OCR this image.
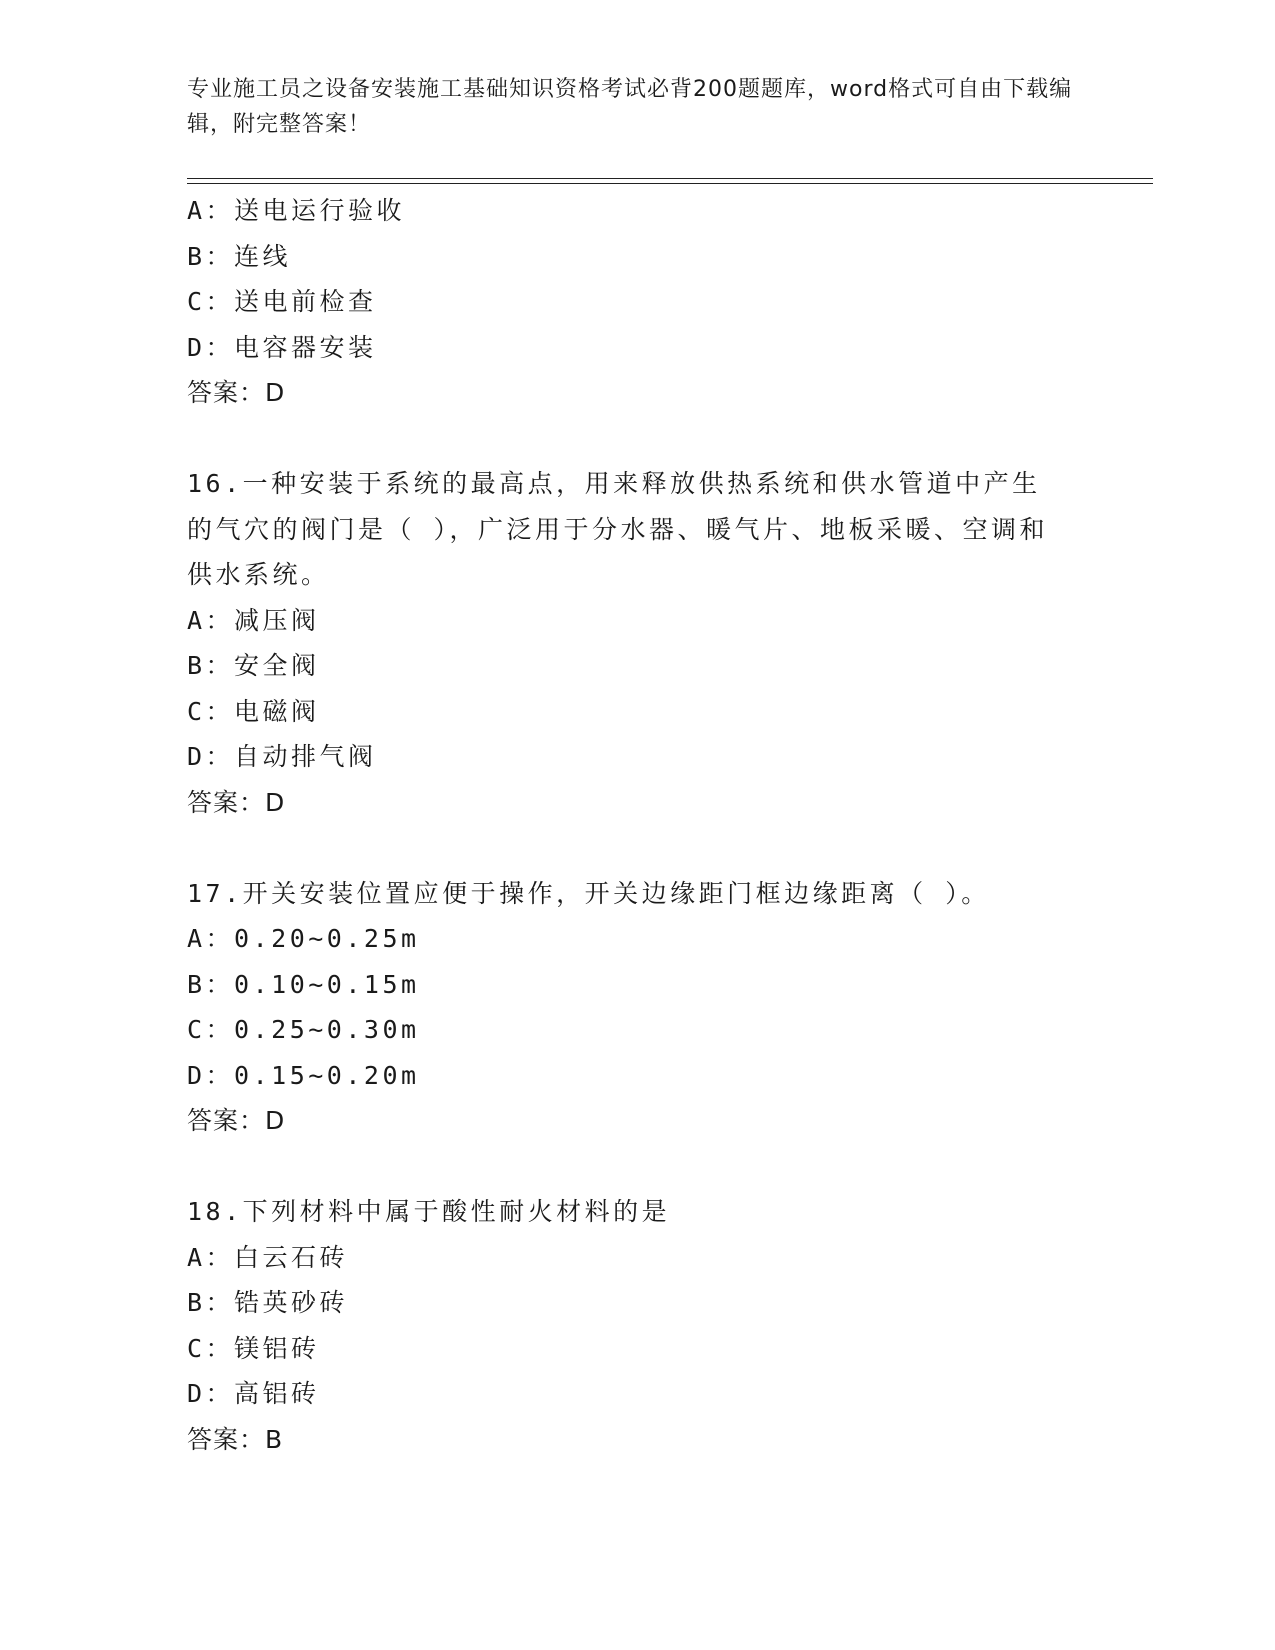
专业施工员之设备安装施工基础知识资格考试必背200题题库，word格式可自由下载编辑，附完整答案！
A：送电运行验收
B：连线
C：送电前检查
D：电容器安装
答案：D
16.一种安装于系统的最高点，用来释放供热系统和供水管道中产生的气穴的阀门是（ ），广泛用于分水器、暖气片、地板采暖、空调和供水系统。
A：减压阀
B：安全阀
C：电磁阀
D：自动排气阀
答案：D
17.开关安装位置应便于操作，开关边缘距门框边缘距离（ ）。
A：0.20~0.25m
B：0.10~0.15m
C：0.25~0.30m
D：0.15~0.20m
答案：D
18.下列材料中属于酸性耐火材料的是
A：白云石砖
B：锆英砂砖
C：镁铝砖
D：高铝砖
答案：B
